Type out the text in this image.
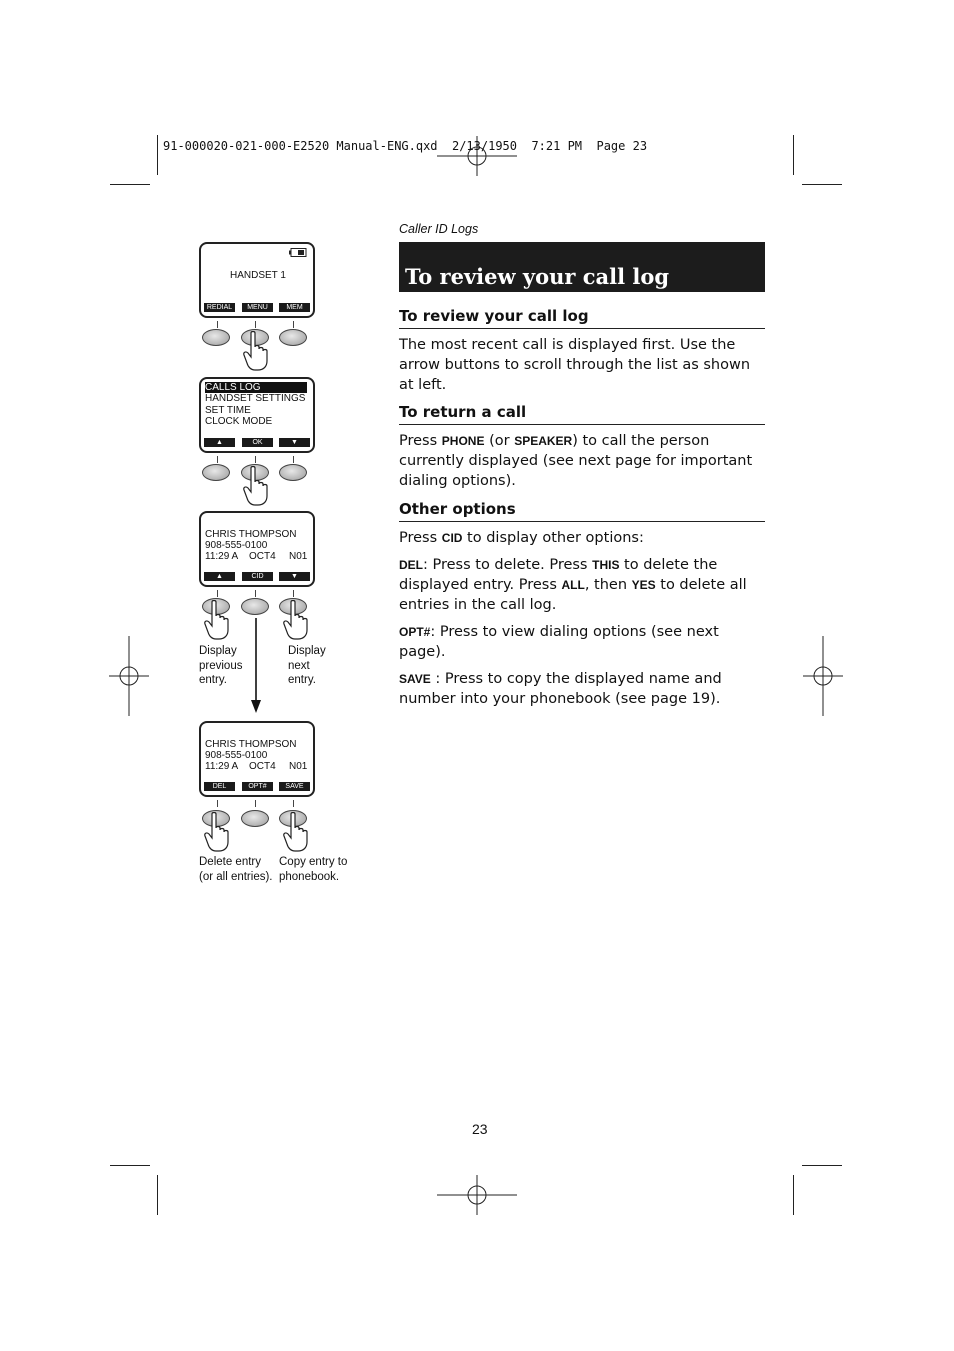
91-000020-021-000-E2520 Manual-ENG.qxd  2/13/1950  7:21 PM  Page 23
Caller ID Logs
To review your call log
To review your call log
The most recent call is displayed first. Use the arrow buttons to scroll through the list as shown at left.
To return a call
Press PHONE (or SPEAKER) to call the person currently displayed (see next page for important dialing options).
Other options
Press CID to display other options:
DEL: Press to delete. Press THIS to delete the displayed entry. Press ALL, then YES to delete all entries in the call log.
OPT#: Press to view dialing options (see next page).
SAVE : Press to copy the displayed name and number into your phonebook (see page 19).
HANDSET 1
REDIAL	MENU	MEM
CALLS LOG
HANDSET SETTINGS
SET TIME
CLOCK MODE
▲	OK	▼
CHRIS THOMPSON
908-555-0100
11:29 A OCT4 N01
▲	CID	▼
Display
previous
entry.
Display
next
entry.
CHRIS THOMPSON
908-555-0100
11:29 A OCT4 N01
DEL	OPT#	SAVE
Delete entry
(or all entries).
Copy entry to
phonebook.
23
